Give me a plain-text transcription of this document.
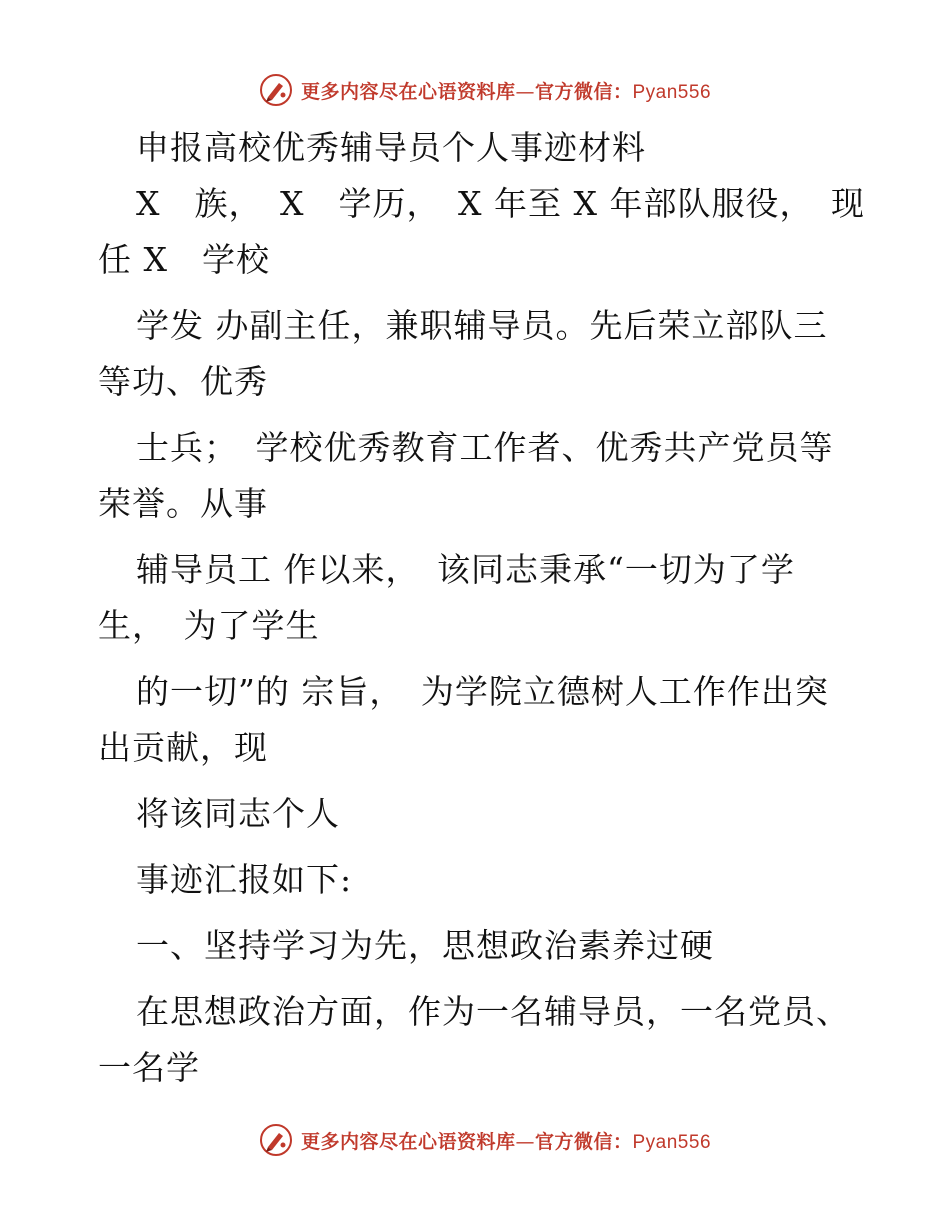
更多内容尽在心语资料库—官方微信：Pyan556
申报高校优秀辅导员个人事迹材料
X　族，　X　学历，　X 年至 X 年部队服役，　现
任 X　学校
学发 办副主任，兼职辅导员。先后荣立部队三
等功、优秀
士兵；　学校优秀教育工作者、优秀共产党员等
荣誉。从事
辅导员工 作以来，　该同志秉承“一切为了学
生，　为了学生
的一切”的 宗旨，　为学院立德树人工作作出突
出贡献，现
将该同志个人
事迹汇报如下:
一、坚持学习为先，思想政治素养过硬
在思想政治方面，作为一名辅导员，一名党员、
一名学
更多内容尽在心语资料库—官方微信：Pyan556
